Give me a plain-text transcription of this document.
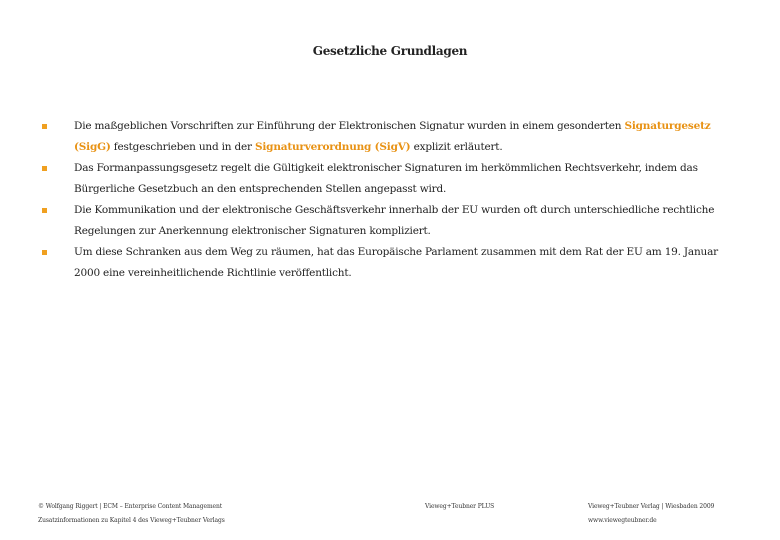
Gesetzliche Grundlagen
Die maßgeblichen Vorschriften zur Einführung der Elektronischen Signatur wurden in einem gesonderten Signaturgesetz (SigG) festgeschrieben und in der Signaturverordnung (SigV) explizit erläutert.
Das Formanpassungsgesetz regelt die Gültigkeit elektronischer Signaturen im herkömmlichen Rechtsverkehr, indem das Bürgerliche Gesetzbuch an den entsprechenden Stellen angepasst wird.
Die Kommunikation und der elektronische Geschäftsverkehr innerhalb der EU wurden oft durch unterschiedliche rechtliche Regelungen zur Anerkennung elektronischer Signaturen kompliziert.
Um diese Schranken aus dem Weg zu räumen, hat das Europäische Parlament zusammen mit dem Rat der EU am 19. Januar 2000 eine vereinheitlichende Richtlinie veröffentlicht.
© Wolfgang Riggert | ECM – Enterprise Content Management
Zusatzinformationen zu Kapitel 4 des Vieweg+Teubner Verlags
Vieweg+Teubner PLUS	Vieweg+Teubner Verlag | Wiesbaden 2009
www.viewegteubner.de
